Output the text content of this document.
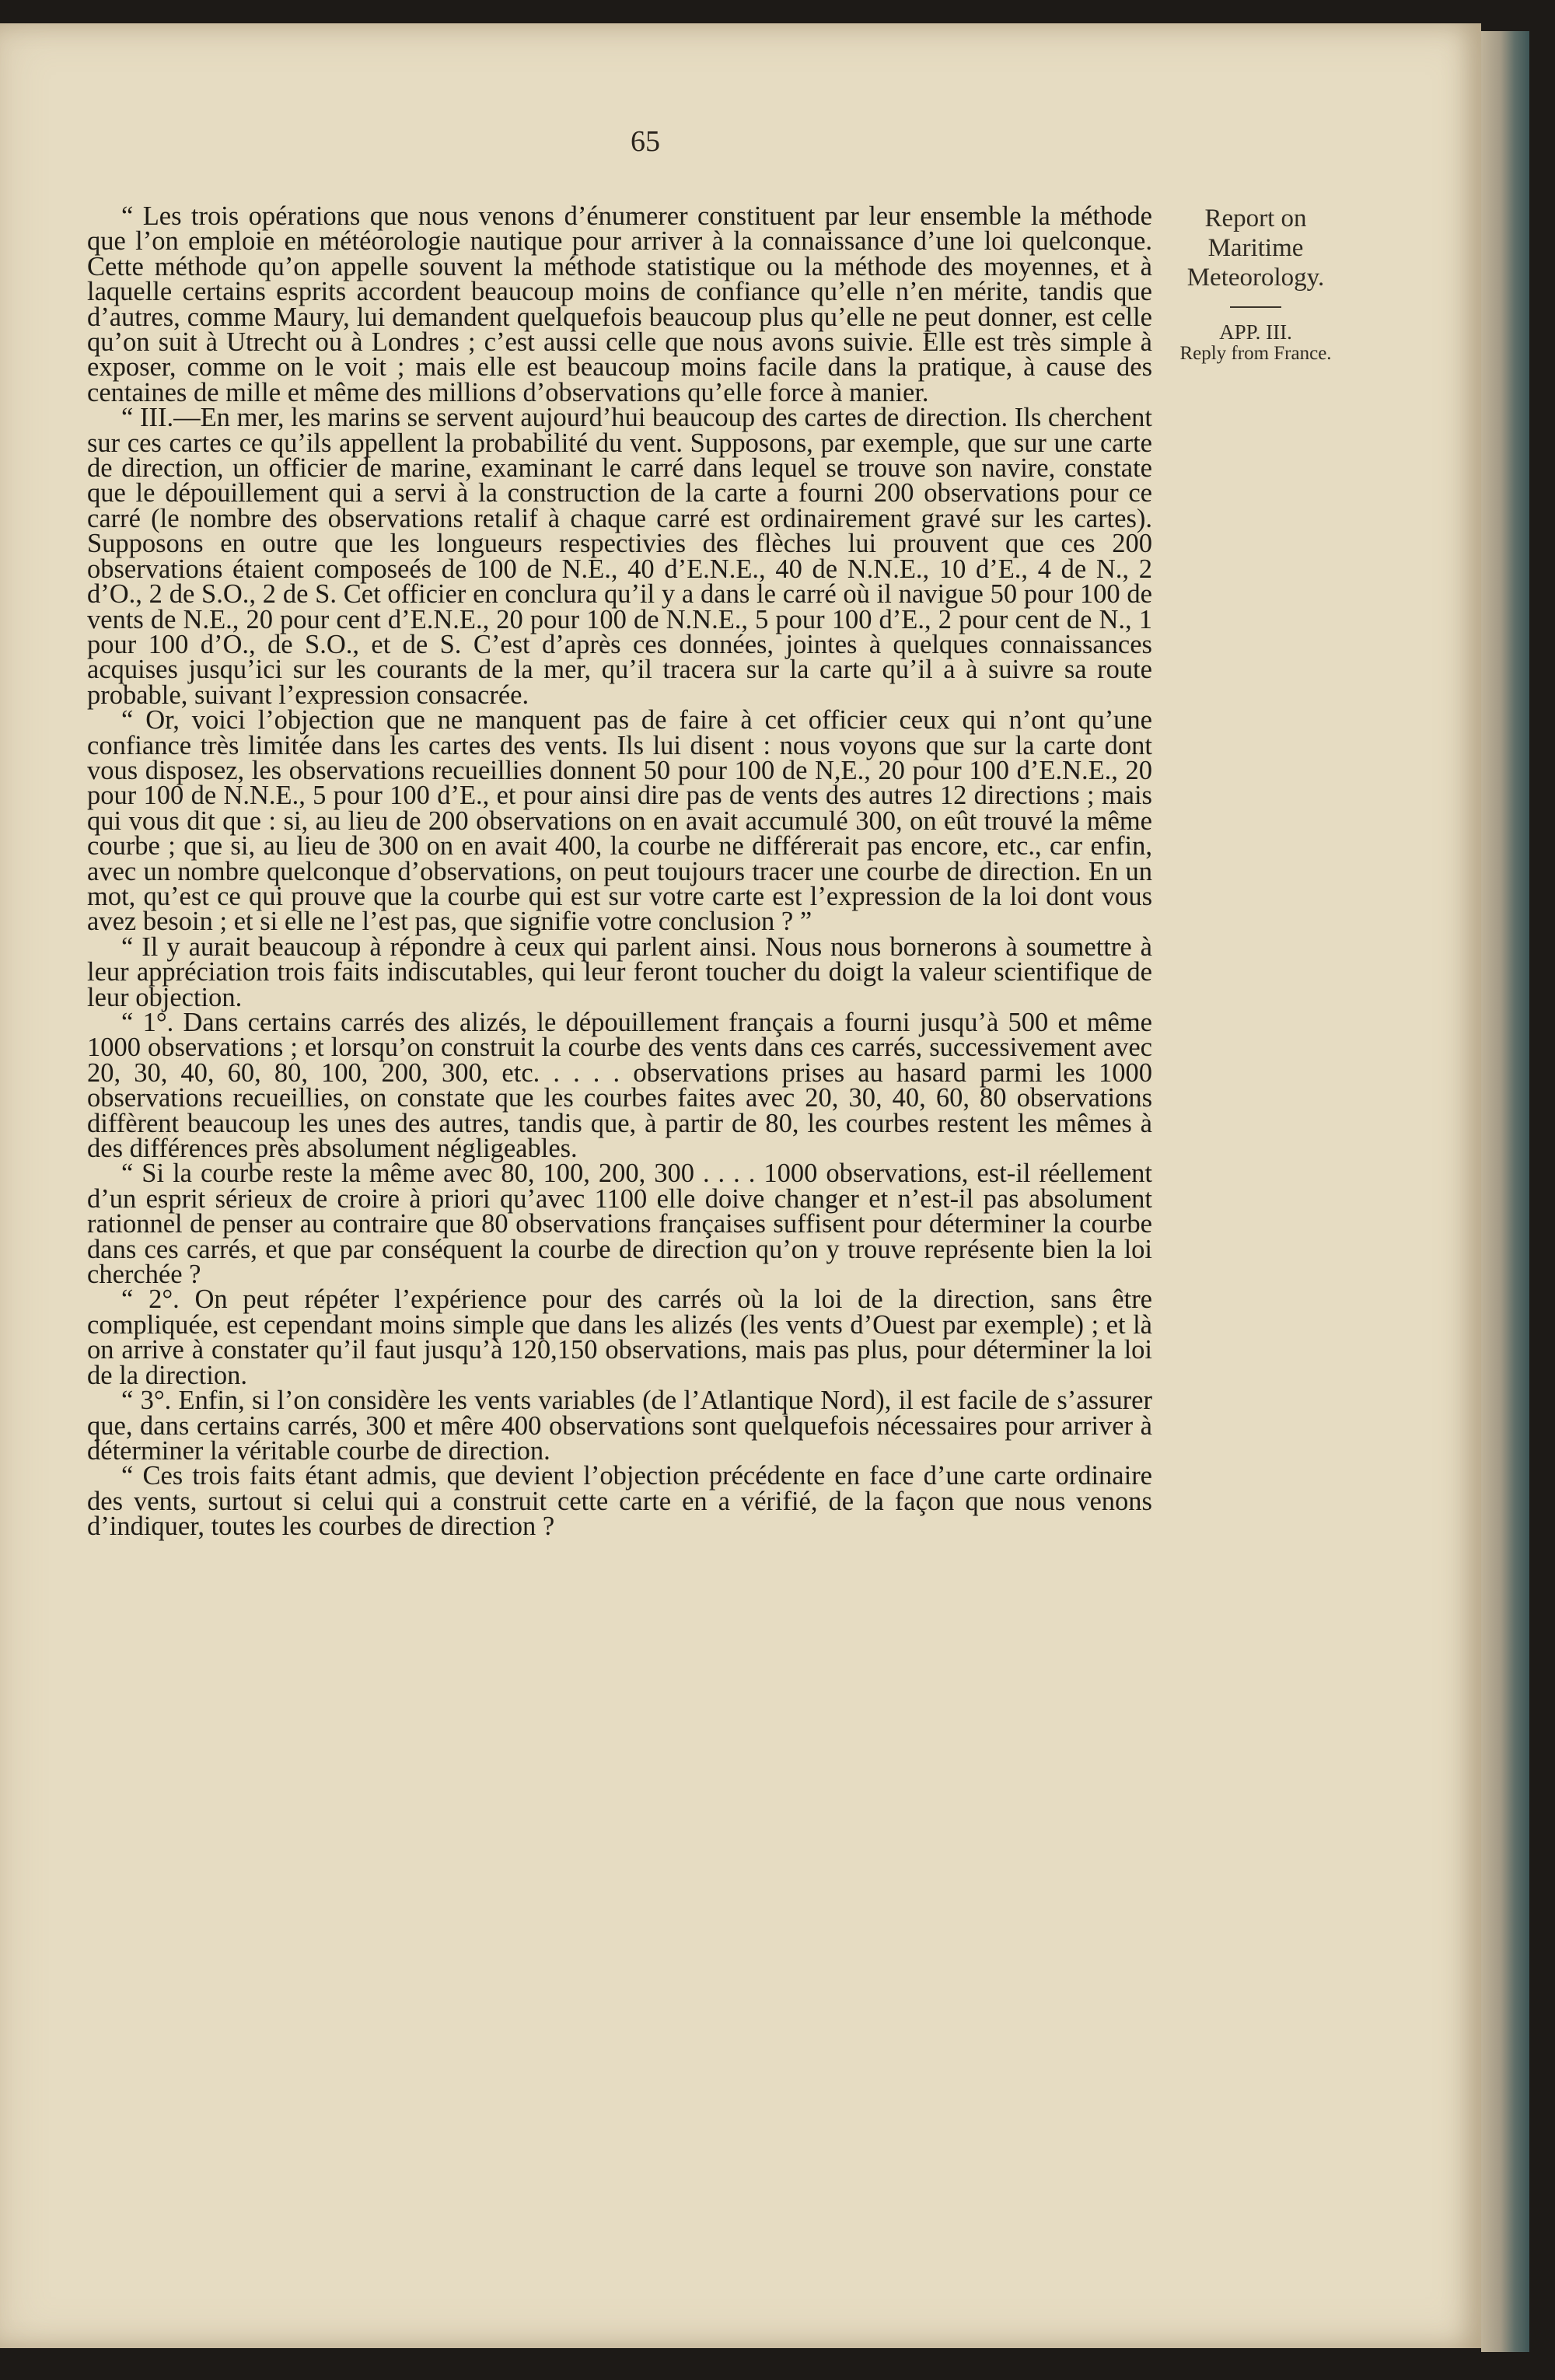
65
Report on Maritime Meteorology.
APP. III.
Reply from France.

“ Les trois opérations que nous venons d’énumerer constituent par leur ensemble la méthode que l’on emploie en météorologie nautique pour arriver à la connaissance d’une loi quelconque. Cette méthode qu’on appelle souvent la méthode statistique ou la méthode des moyennes, et à laquelle certains esprits accordent beaucoup moins de confiance qu’elle n’en mérite, tandis que d’autres, comme Maury, lui demandent quelquefois beaucoup plus qu’elle ne peut donner, est celle qu’on suit à Utrecht ou à Londres ; c’est aussi celle que nous avons suivie. Elle est très simple à exposer, comme on le voit ; mais elle est beaucoup moins facile dans la pratique, à cause des centaines de mille et même des millions d’observations qu’elle force à manier.

“ III.—En mer, les marins se servent aujourd’hui beaucoup des cartes de direction. Ils cherchent sur ces cartes ce qu’ils appellent la probabilité du vent. Supposons, par exemple, que sur une carte de direction, un officier de marine, examinant le carré dans lequel se trouve son navire, constate que le dépouillement qui a servi à la construction de la carte a fourni 200 observations pour ce carré (le nombre des observations retalif à chaque carré est ordinairement gravé sur les cartes). Supposons en outre que les longueurs respectivies des flèches lui prouvent que ces 200 observations étaient composeés de 100 de N.E., 40 d’E.N.E., 40 de N.N.E., 10 d’E., 4 de N., 2 d’O., 2 de S.O., 2 de S. Cet officier en conclura qu’il y a dans le carré où il navigue 50 pour 100 de vents de N.E., 20 pour cent d’E.N.E., 20 pour 100 de N.N.E., 5 pour 100 d’E., 2 pour cent de N., 1 pour 100 d’O., de S.O., et de S. C’est d’après ces données, jointes à quelques connaissances acquises jusqu’ici sur les courants de la mer, qu’il tracera sur la carte qu’il a à suivre sa route probable, suivant l’expression consacrée.

“ Or, voici l’objection que ne manquent pas de faire à cet officier ceux qui n’ont qu’une confiance très limitée dans les cartes des vents. Ils lui disent : nous voyons que sur la carte dont vous disposez, les observations recueillies donnent 50 pour 100 de N,E., 20 pour 100 d’E.N.E., 20 pour 100 de N.N.E., 5 pour 100 d’E., et pour ainsi dire pas de vents des autres 12 directions ; mais qui vous dit que : si, au lieu de 200 observations on en avait accumulé 300, on eût trouvé la même courbe ; que si, au lieu de 300 on en avait 400, la courbe ne différerait pas encore, etc., car enfin, avec un nombre quelconque d’observations, on peut toujours tracer une courbe de direction. En un mot, qu’est ce qui prouve que la courbe qui est sur votre carte est l’expression de la loi dont vous avez besoin ; et si elle ne l’est pas, que signifie votre conclusion ? ”

“ Il y aurait beaucoup à répondre à ceux qui parlent ainsi. Nous nous bornerons à soumettre à leur appréciation trois faits indiscutables, qui leur feront toucher du doigt la valeur scientifique de leur objection.

“ 1°. Dans certains carrés des alizés, le dépouillement français a fourni jusqu’à 500 et même 1000 observations ; et lorsqu’on construit la courbe des vents dans ces carrés, successivement avec 20, 30, 40, 60, 80, 100, 200, 300, etc. . . . . observations prises au hasard parmi les 1000 observations recueillies, on constate que les courbes faites avec 20, 30, 40, 60, 80 observations diffèrent beaucoup les unes des autres, tandis que, à partir de 80, les courbes restent les mêmes à des différences près absolument négligeables.

“ Si la courbe reste la même avec 80, 100, 200, 300 . . . . 1000 observations, est-il réellement d’un esprit sérieux de croire à priori qu’avec 1100 elle doive changer et n’est-il pas absolument rationnel de penser au contraire que 80 observations françaises suffisent pour déterminer la courbe dans ces carrés, et que par conséquent la courbe de direction qu’on y trouve représente bien la loi cherchée ?

“ 2°. On peut répéter l’expérience pour des carrés où la loi de la direction, sans être compliquée, est cependant moins simple que dans les alizés (les vents d’Ouest par exemple) ; et là on arrive à constater qu’il faut jusqu’à 120,150 observations, mais pas plus, pour déterminer la loi de la direction.

“ 3°. Enfin, si l’on considère les vents variables (de l’Atlantique Nord), il est facile de s’assurer que, dans certains carrés, 300 et mêre 400 observations sont quelquefois nécessaires pour arriver à déterminer la véritable courbe de direction.

“ Ces trois faits étant admis, que devient l’objection précédente en face d’une carte ordinaire des vents, surtout si celui qui a construit cette carte en a vérifié, de la façon que nous venons d’indiquer, toutes les courbes de direction ?
